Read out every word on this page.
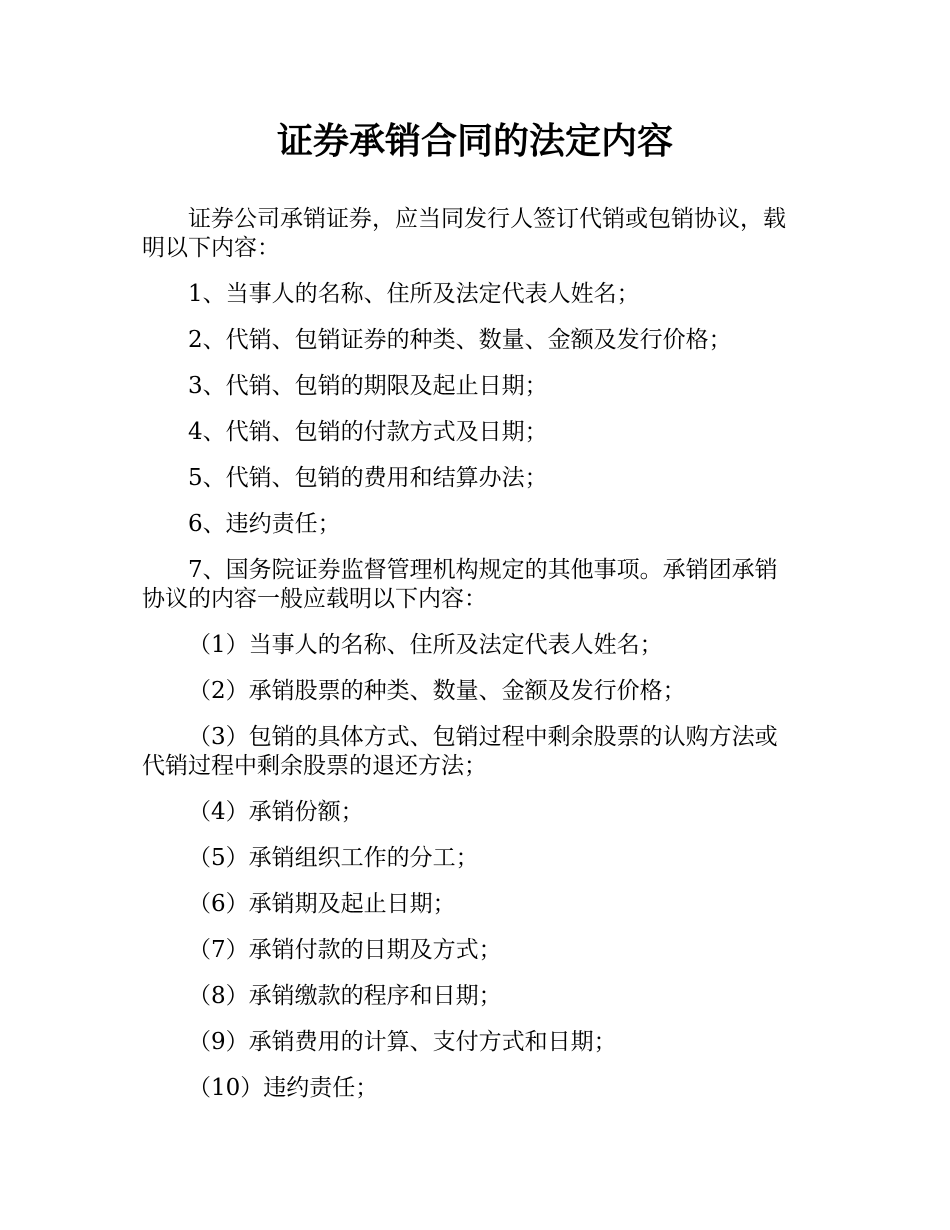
证券承销合同的法定内容

证券公司承销证券，应当同发行人签订代销或包销协议，载明以下内容：

1、当事人的名称、住所及法定代表人姓名；

2、代销、包销证券的种类、数量、金额及发行价格；

3、代销、包销的期限及起止日期；

4、代销、包销的付款方式及日期；

5、代销、包销的费用和结算办法；

6、违约责任；

7、国务院证券监督管理机构规定的其他事项。承销团承销协议的内容一般应载明以下内容：

（1）当事人的名称、住所及法定代表人姓名；

（2）承销股票的种类、数量、金额及发行价格；

（3）包销的具体方式、包销过程中剩余股票的认购方法或代销过程中剩余股票的退还方法；

（4）承销份额；

（5）承销组织工作的分工；

（6）承销期及起止日期；

（7）承销付款的日期及方式；

（8）承销缴款的程序和日期；

（9）承销费用的计算、支付方式和日期；

（10）违约责任；
